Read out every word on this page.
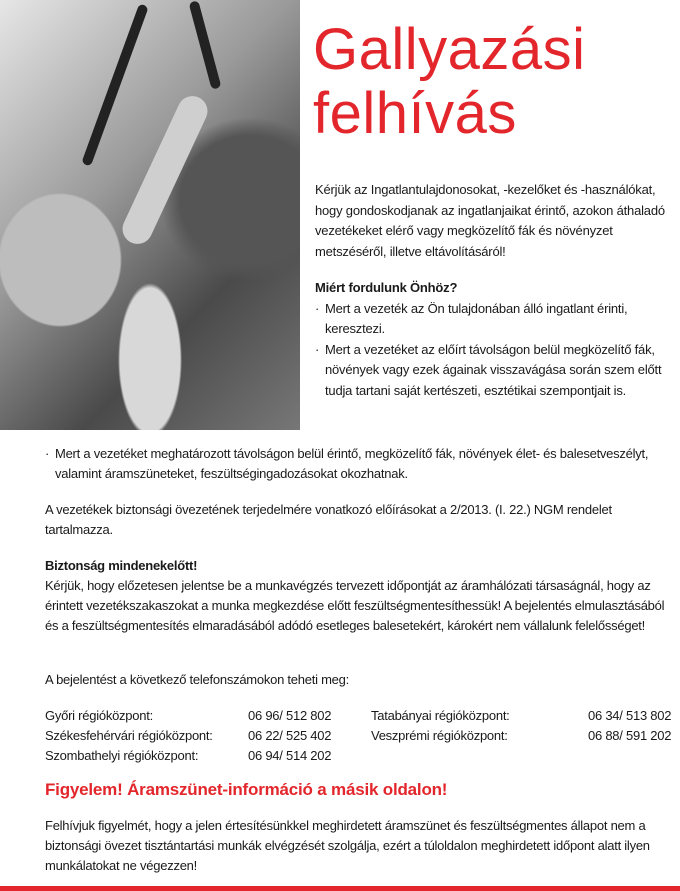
Gallyazási
felhívás

Kérjük az Ingatlantulajdonosokat, -kezelőket és -használókat, hogy gondoskodjanak az ingatlanjaikat érintő, azokon áthaladó vezetékeket elérő vagy megközelítő fák és növényzet metszéséről, illetve eltávolításáról!

Miért fordulunk Önhöz?

· Mert a vezeték az Ön tulajdonában álló ingatlant érinti, keresztezi.
· Mert a vezetéket az előírt távolságon belül megközelítő fák, növények vagy ezek ágainak visszavágása során szem előtt tudja tartani saját kertészeti, esztétikai szempontjait is.
· Mert a vezetéket meghatározott távolságon belül érintő, megközelítő fák, növények élet- és balesetveszélyt, valamint áramszüneteket, feszültségingadozásokat okozhatnak.

A vezetékek biztonsági övezetének terjedelmére vonatkozó előírásokat a 2/2013. (I. 22.) NGM rendelet tartalmazza.

Biztonság mindenekelőtt!

Kérjük, hogy előzetesen jelentse be a munkavégzés tervezett időpontját az áramhálózati társaságnál, hogy az érintett vezetékszakaszokat a munka megkezdése előtt feszültségmentesíthessük! A bejelentés elmulasztásából és a feszültségmentesítés elmaradásából adódó esetleges balesetekért, károkért nem vállalunk felelősséget!

A bejelentést a következő telefonszámokon teheti meg:

Győri régióközpont:	06 96/ 512 802	Tatabányai régióközpont:	06 34/ 513 802
Székesfehérvári régióközpont:	06 22/ 525 402	Veszprémi régióközpont:	06 88/ 591 202
Szombathelyi régióközpont:	06 94/ 514 202

Figyelem! Áramszünet-információ a másik oldalon!

Felhívjuk figyelmét, hogy a jelen értesítésünkkel meghirdetett áramszünet és feszültségmentes állapot nem a biztonsági övezet tisztántartási munkák elvégzését szolgálja, ezért a túloldalon meghirdetett időpont alatt ilyen munkálatokat ne végezzen!
